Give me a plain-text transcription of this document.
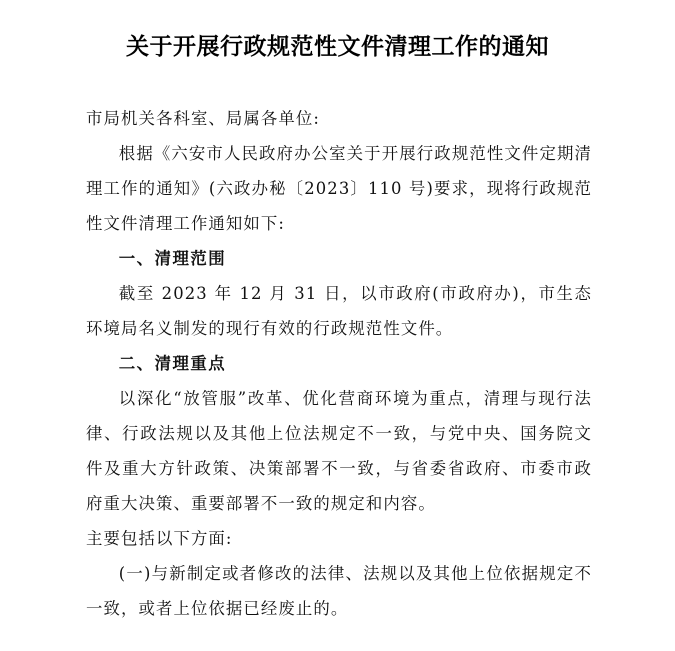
关于开展行政规范性文件清理工作的通知

市局机关各科室、局属各单位:

根据《六安市人民政府办公室关于开展行政规范性文件定期清理工作的通知》(六政办秘〔2023〕110 号)要求，现将行政规范性文件清理工作通知如下:

一、清理范围

截至 2023 年 12 月 31 日，以市政府(市政府办)，市生态环境局名义制发的现行有效的行政规范性文件。

二、清理重点

以深化“放管服”改革、优化营商环境为重点，清理与现行法律、行政法规以及其他上位法规定不一致，与党中央、国务院文件及重大方针政策、决策部署不一致，与省委省政府、市委市政府重大决策、重要部署不一致的规定和内容。

主要包括以下方面:

(一)与新制定或者修改的法律、法规以及其他上位依据规定不一致，或者上位依据已经废止的。
